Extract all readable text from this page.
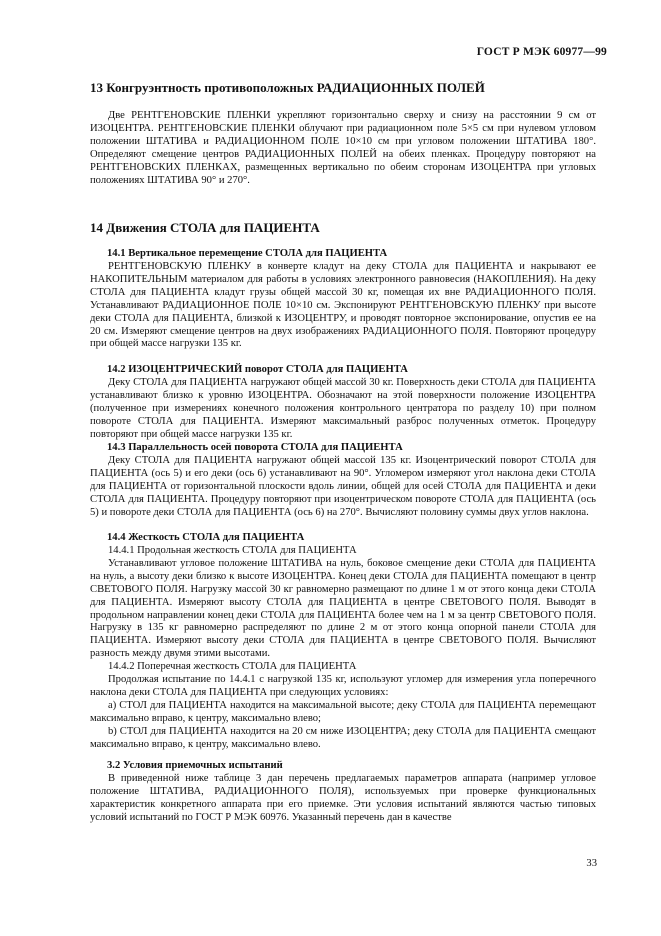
ГОСТ Р МЭК 60977—99
13 Конгруэнтность противоположных РАДИАЦИОННЫХ ПОЛЕЙ

Две РЕНТГЕНОВСКИЕ ПЛЕНКИ укрепляют горизонтально сверху и снизу на расстоянии 9 см от ИЗОЦЕНТРА. РЕНТГЕНОВСКИЕ ПЛЕНКИ облучают при радиационном поле 5×5 см при нулевом угловом положении ШТАТИВА и РАДИАЦИОННОМ ПОЛЕ 10×10 см при угловом положении ШТАТИВА 180°. Определяют смещение центров РАДИАЦИОННЫХ ПОЛЕЙ на обеих пленках. Процедуру повторяют на РЕНТГЕНОВСКИХ ПЛЕНКАХ, размещенных вертикально по обеим сторонам ИЗОЦЕНТРА при угловых положениях ШТАТИВА 90° и 270°.

14 Движения СТОЛА для ПАЦИЕНТА
14.1 Вертикальное перемещение СТОЛА для ПАЦИЕНТА

РЕНТГЕНОВСКУЮ ПЛЕНКУ в конверте кладут на деку СТОЛА для ПАЦИЕНТА и накрывают ее НАКОПИТЕЛЬНЫМ материалом для работы в условиях электронного равновесия (НАКОПЛЕНИЯ). На деку СТОЛА для ПАЦИЕНТА кладут грузы общей массой 30 кг, помещая их вне РАДИАЦИОННОГО ПОЛЯ. Устанавливают РАДИАЦИОННОЕ ПОЛЕ 10×10 см. Экспонируют РЕНТГЕНОВСКУЮ ПЛЕНКУ при высоте деки СТОЛА для ПАЦИЕНТА, близкой к ИЗОЦЕНТРУ, и проводят повторное экспонирование, опустив ее на 20 см. Измеряют смещение центров на двух изображениях РАДИАЦИОННОГО ПОЛЯ. Повторяют процедуру при общей массе нагрузки 135 кг.

14.2 ИЗОЦЕНТРИЧЕСКИЙ поворот СТОЛА для ПАЦИЕНТА

Деку СТОЛА для ПАЦИЕНТА нагружают общей массой 30 кг. Поверхность деки СТОЛА для ПАЦИЕНТА устанавливают близко к уровню ИЗОЦЕНТРА. Обозначают на этой поверхности положение ИЗОЦЕНТРА (полученное при измерениях конечного положения контрольного центратора по разделу 10) при полном повороте СТОЛА для ПАЦИЕНТА. Измеряют максимальный разброс полученных отметок. Процедуру повторяют при общей массе нагрузки 135 кг.

14.3 Параллельность осей поворота СТОЛА для ПАЦИЕНТА

Деку СТОЛА для ПАЦИЕНТА нагружают общей массой 135 кг. Изоцентрический поворот СТОЛА для ПАЦИЕНТА (ось 5) и его деки (ось 6) устанавливают на 90°. Угломером измеряют угол наклона деки СТОЛА для ПАЦИЕНТА от горизонтальной плоскости вдоль линии, общей для осей СТОЛА для ПАЦИЕНТА и деки СТОЛА для ПАЦИЕНТА. Процедуру повторяют при изоцентрическом повороте СТОЛА для ПАЦИЕНТА (ось 5) и повороте деки СТОЛА для ПАЦИЕНТА (ось 6) на 270°. Вычисляют половину суммы двух углов наклона.

14.4 Жесткость СТОЛА для ПАЦИЕНТА

14.4.1 Продольная жесткость СТОЛА для ПАЦИЕНТА

Устанавливают угловое положение ШТАТИВА на нуль, боковое смещение деки СТОЛА для ПАЦИЕНТА на нуль, а высоту деки близко к высоте ИЗОЦЕНТРА. Конец деки СТОЛА для ПАЦИЕНТА помещают в центр СВЕТОВОГО ПОЛЯ. Нагрузку массой 30 кг равномерно размещают по длине 1 м от этого конца деки СТОЛА для ПАЦИЕНТА. Измеряют высоту СТОЛА для ПАЦИЕНТА в центре СВЕТОВОГО ПОЛЯ. Выводят в продольном направлении конец деки СТОЛА для ПАЦИЕНТА более чем на 1 м за центр СВЕТОВОГО ПОЛЯ. Нагрузку в 135 кг равномерно распределяют по длине 2 м от этого конца опорной панели СТОЛА для ПАЦИЕНТА. Измеряют высоту деки СТОЛА для ПАЦИЕНТА в центре СВЕТОВОГО ПОЛЯ. Вычисляют разность между двумя этими высотами.

14.4.2 Поперечная жесткость СТОЛА для ПАЦИЕНТА

Продолжая испытание по 14.4.1 с нагрузкой 135 кг, используют угломер для измерения угла поперечного наклона деки СТОЛА для ПАЦИЕНТА при следующих условиях:

a) СТОЛ для ПАЦИЕНТА находится на максимальной высоте; деку СТОЛА для ПАЦИЕНТА перемещают максимально вправо, к центру, максимально влево;

b) СТОЛ для ПАЦИЕНТА находится на 20 см ниже ИЗОЦЕНТРА; деку СТОЛА для ПАЦИЕНТА смещают максимально вправо, к центру, максимально влево.

3.2 Условия приемочных испытаний

В приведенной ниже таблице 3 дан перечень предлагаемых параметров аппарата (например угловое положение ШТАТИВА, РАДИАЦИОННОГО ПОЛЯ), используемых при проверке функциональных характеристик конкретного аппарата при его приемке. Эти условия испытаний являются частью типовых условий испытаний по ГОСТ Р МЭК 60976. Указанный перечень дан в качестве

33
